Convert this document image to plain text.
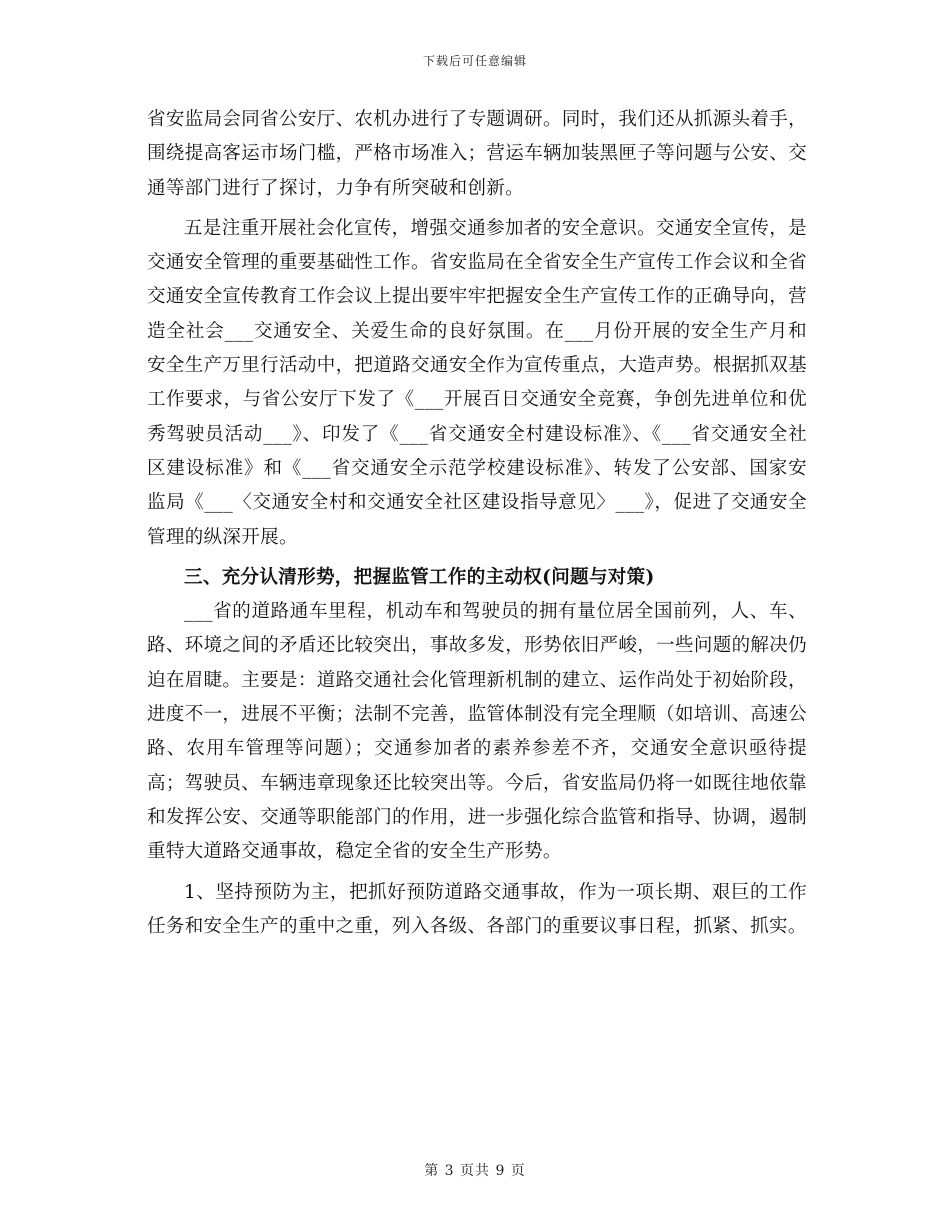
下载后可任意编辑

省安监局会同省公安厅、农机办进行了专题调研。同时，我们还从抓源头着手，围绕提高客运市场门槛，严格市场准入；营运车辆加装黑匣子等问题与公安、交通等部门进行了探讨，力争有所突破和创新。

五是注重开展社会化宣传，增强交通参加者的安全意识。交通安全宣传，是交通安全管理的重要基础性工作。省安监局在全省安全生产宣传工作会议和全省交通安全宣传教育工作会议上提出要牢牢把握安全生产宣传工作的正确导向，营造全社会___交通安全、关爱生命的良好氛围。在___月份开展的安全生产月和安全生产万里行活动中，把道路交通安全作为宣传重点，大造声势。根据抓双基工作要求，与省公安厅下发了《___开展百日交通安全竞赛，争创先进单位和优秀驾驶员活动___》、印发了《___省交通安全村建设标准》、《___省交通安全社区建设标准》和《___省交通安全示范学校建设标准》、转发了公安部、国家安监局《___〈交通安全村和交通安全社区建设指导意见〉___》，促进了交通安全管理的纵深开展。

三、充分认清形势，把握监管工作的主动权(问题与对策)

___省的道路通车里程，机动车和驾驶员的拥有量位居全国前列，人、车、路、环境之间的矛盾还比较突出，事故多发，形势依旧严峻，一些问题的解决仍迫在眉睫。主要是：道路交通社会化管理新机制的建立、运作尚处于初始阶段，进度不一，进展不平衡；法制不完善，监管体制没有完全理顺（如培训、高速公路、农用车管理等问题）；交通参加者的素养参差不齐，交通安全意识亟待提高；驾驶员、车辆违章现象还比较突出等。今后，省安监局仍将一如既往地依靠和发挥公安、交通等职能部门的作用，进一步强化综合监管和指导、协调，遏制重特大道路交通事故，稳定全省的安全生产形势。

1、坚持预防为主，把抓好预防道路交通事故，作为一项长期、艰巨的工作任务和安全生产的重中之重，列入各级、各部门的重要议事日程，抓紧、抓实。

第 3 页共 9 页
